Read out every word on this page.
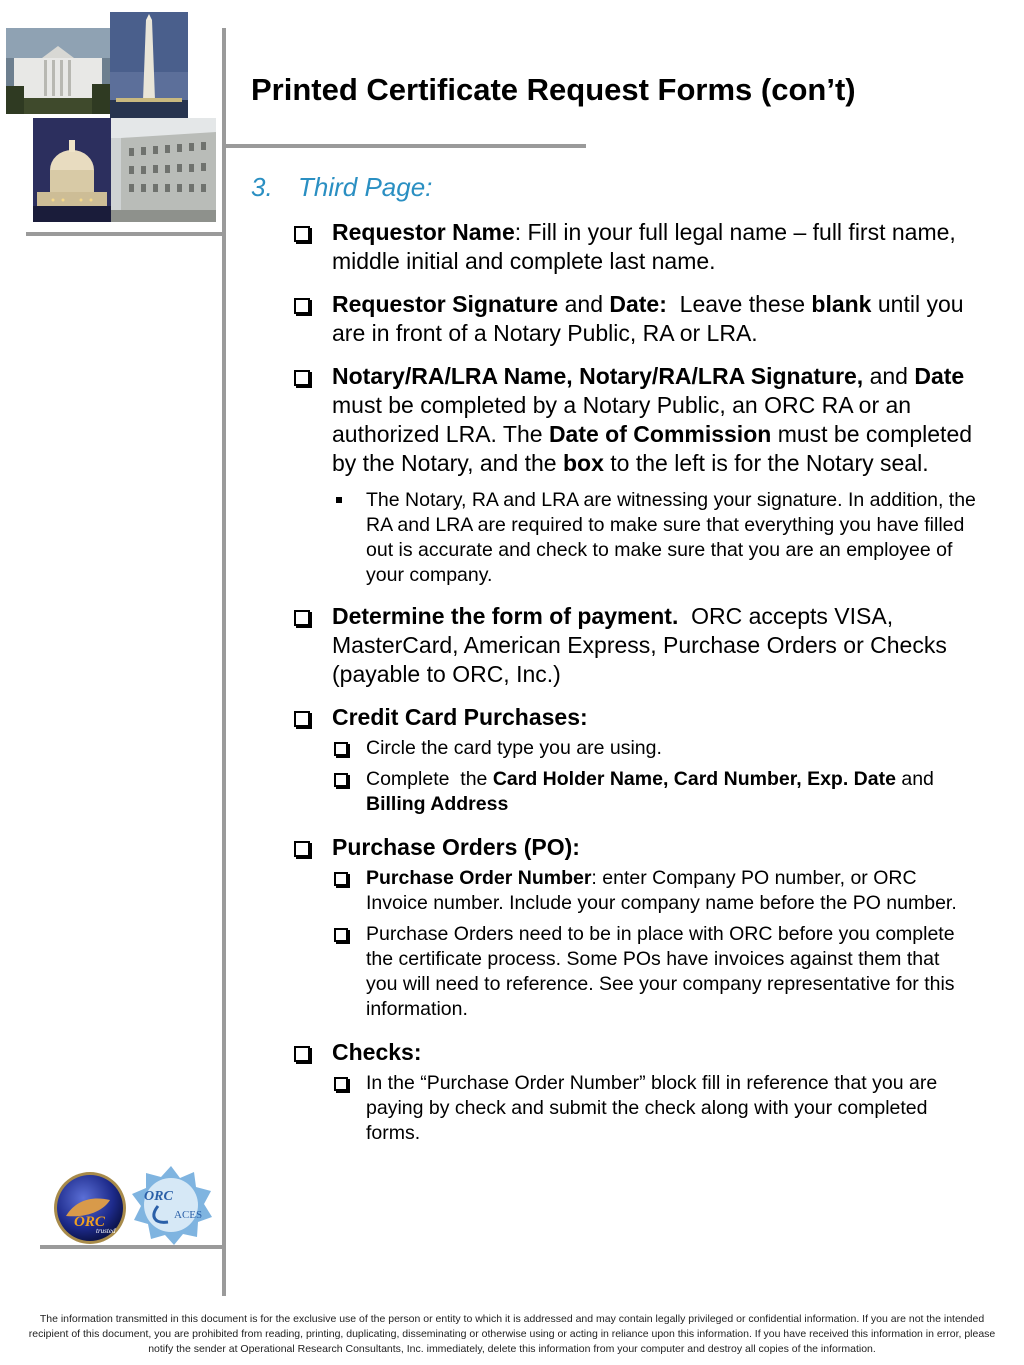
Printed Certificate Request Forms (con’t)
3. Third Page:
Requestor Name: Fill in your full legal name – full first name, middle initial and complete last name.
Requestor Signature and Date:  Leave these blank until you are in front of a Notary Public, RA or LRA.
Notary/RA/LRA Name, Notary/RA/LRA Signature, and Date must be completed by a Notary Public, an ORC RA or an authorized LRA. The Date of Commission must be completed by the Notary, and the box to the left is for the Notary seal.
The Notary, RA and LRA are witnessing your signature. In addition, the RA and LRA are required to make sure that everything you have filled out is accurate and check to make sure that you are an employee of your company.
Determine the form of payment.  ORC accepts VISA, MasterCard, American Express, Purchase Orders or Checks (payable to ORC, Inc.)
Credit Card Purchases:
Circle the card type you are using.
Complete  the Card Holder Name, Card Number, Exp. Date and Billing Address
Purchase Orders (PO):
Purchase Order Number: enter Company PO number, or ORC Invoice number. Include your company name before the PO number.
Purchase Orders need to be in place with ORC before you complete the certificate process. Some POs have invoices against them that you will need to reference. See your company representative for this information.
Checks:
In the “Purchase Order Number” block fill in reference that you are paying by check and submit the check along with your completed forms.
ORC
trusted
ORC
ACES
The information transmitted in this document is for the exclusive use of the person or entity to which it is addressed and may contain legally privileged or confidential information. If you are not the intended recipient of this document, you are prohibited from reading, printing, duplicating, disseminating or otherwise using or acting in reliance upon this information. If you have received this information in error, please notify the sender at Operational Research Consultants, Inc. immediately, delete this information from your computer and destroy all copies of the information.
